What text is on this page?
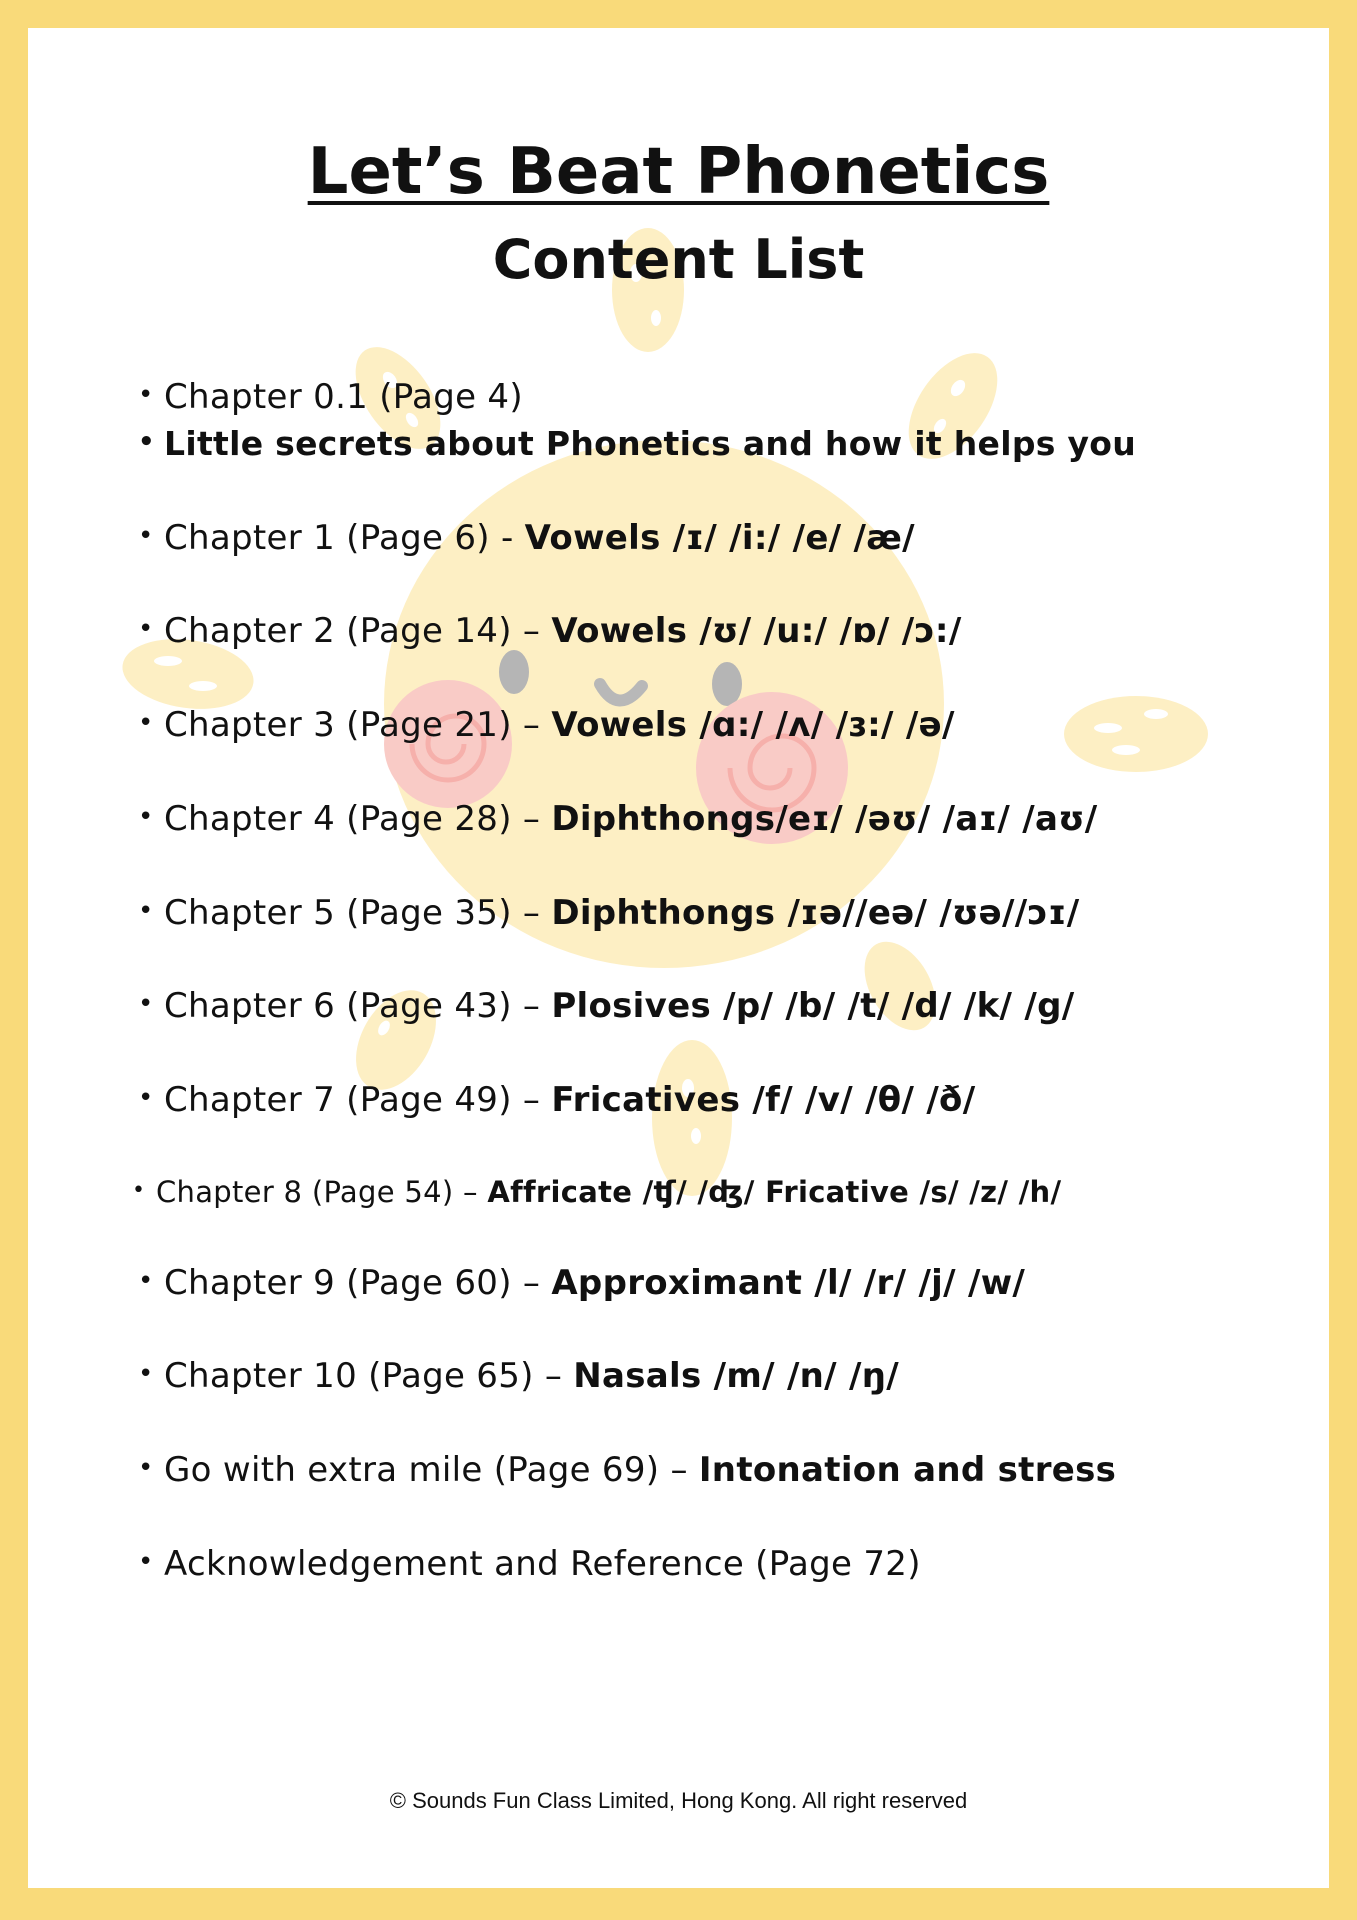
Let’s Beat Phonetics
Content List
• Chapter 0.1 (Page 4)
• Little secrets about Phonetics and how it helps you
• Chapter 1 (Page 6) - Vowels /ɪ/ /i:/ /e/ /æ/
• Chapter 2 (Page 14) – Vowels /ʊ/ /u:/ /ɒ/ /ɔ:/
• Chapter 3 (Page 21) – Vowels /ɑ:/ /ʌ/ /ɜ:/ /ə/
• Chapter 4 (Page 28) – Diphthongs/eɪ/ /əʊ/ /aɪ/ /aʊ/
• Chapter 5 (Page 35) – Diphthongs /ɪə//eə/ /ʊə//ɔɪ/
• Chapter 6 (Page 43) – Plosives /p/ /b/ /t/ /d/ /k/ /g/
• Chapter 7 (Page 49) – Fricatives /f/ /v/ /θ/ /ð/
• Chapter 8 (Page 54) – Affricate /ʧ/ /ʤ/ Fricative /s/ /z/ /h/
• Chapter 9 (Page 60) – Approximant /l/ /r/ /j/ /w/
• Chapter 10 (Page 65) – Nasals /m/ /n/ /ŋ/
• Go with extra mile (Page 69) – Intonation and stress
• Acknowledgement and Reference (Page 72)
© Sounds Fun Class Limited, Hong Kong. All right reserved
